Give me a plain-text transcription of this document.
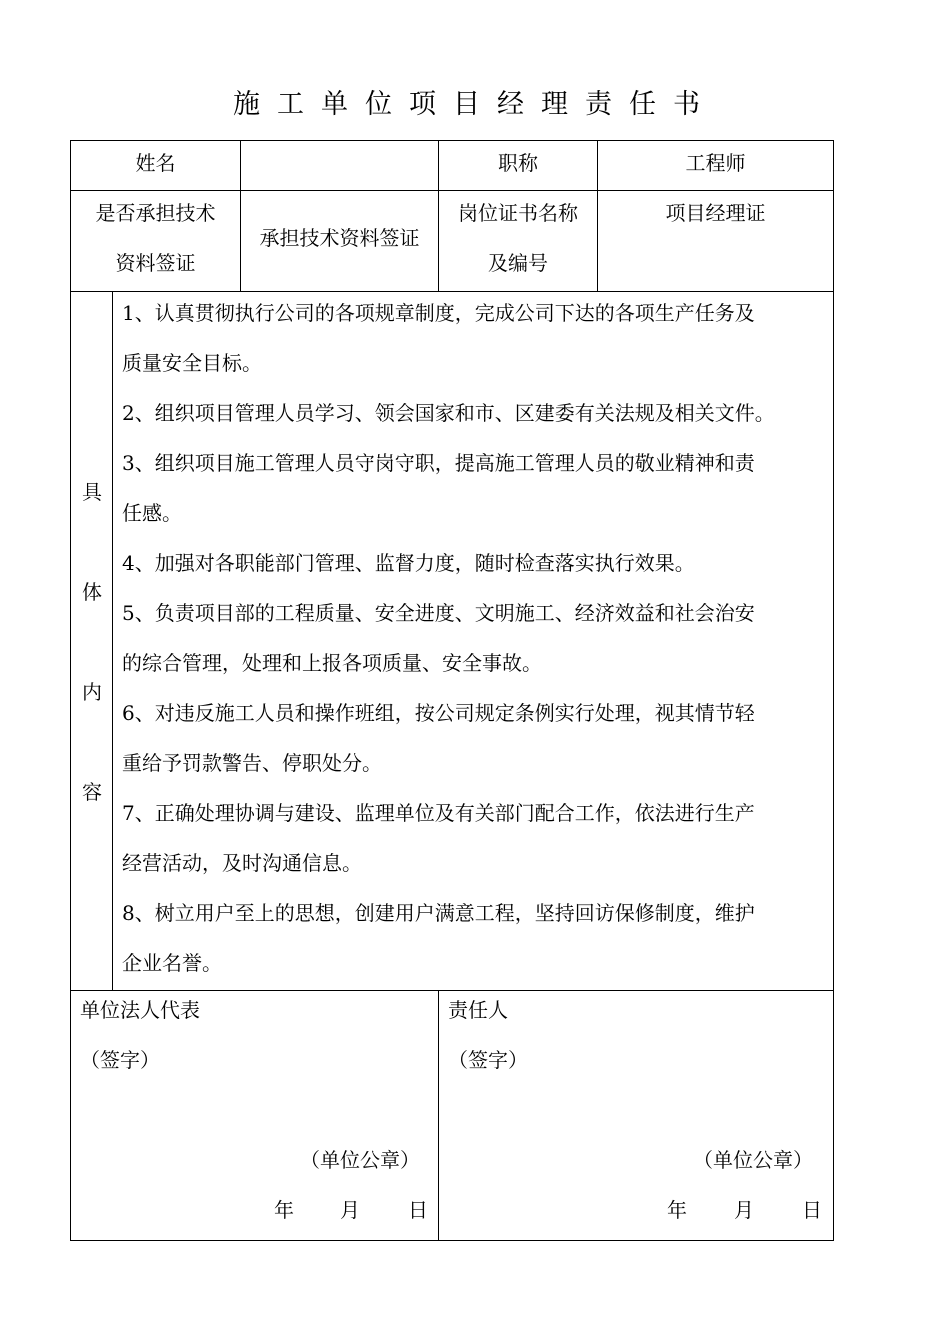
施工单位项目经理责任书
姓名	职称	工程师
是否承担技术
资料签证
承担技术资料签证
岗位证书名称
及编号
项目经理证
具
体
内
容
1、认真贯彻执行公司的各项规章制度，完成公司下达的各项生产任务及
质量安全目标。
2、组织项目管理人员学习、领会国家和市、区建委有关法规及相关文件。
3、组织项目施工管理人员守岗守职，提高施工管理人员的敬业精神和责
任感。
4、加强对各职能部门管理、监督力度，随时检查落实执行效果。
5、负责项目部的工程质量、安全进度、文明施工、经济效益和社会治安
的综合管理，处理和上报各项质量、安全事故。
6、对违反施工人员和操作班组，按公司规定条例实行处理，视其情节轻
重给予罚款警告、停职处分。
7、正确处理协调与建设、监理单位及有关部门配合工作，依法进行生产
经营活动，及时沟通信息。
8、树立用户至上的思想，创建用户满意工程，坚持回访保修制度，维护
企业名誉。
单位法人代表
（签字）
（单位公章）
年 月 日
责任人
（签字）
（单位公章）
年 月 日
